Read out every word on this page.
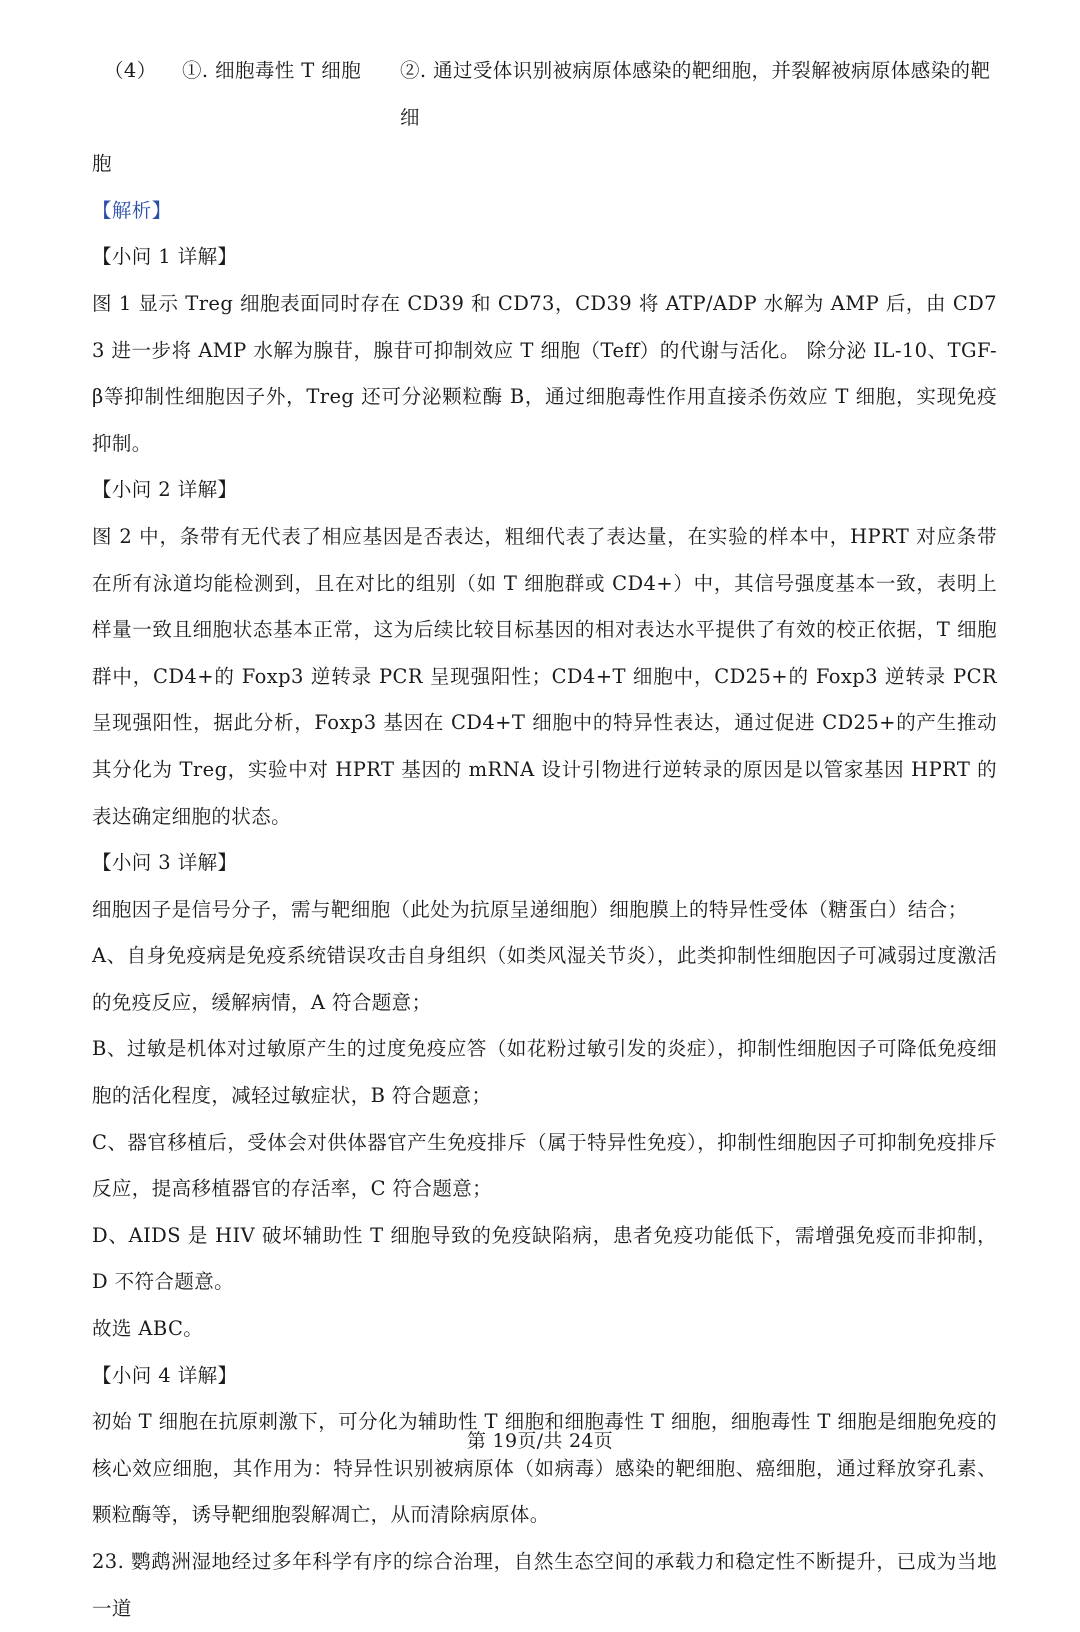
（4）	①. 细胞毒性 T 细胞	②. 通过受体识别被病原体感染的靶细胞，并裂解被病原体感染的靶细

胞

【解析】

【小问 1 详解】

图 1 显示 Treg 细胞表面同时存在 CD39 和 CD73，CD39 将 ATP/ADP 水解为 AMP 后，由 CD73 进一步将 AMP 水解为腺苷，腺苷可抑制效应 T 细胞（Teff）的代谢与活化。 除分泌 IL-10、TGF-β等抑制性细胞因子外，Treg 还可分泌颗粒酶 B，通过细胞毒性作用直接杀伤效应 T 细胞，实现免疫抑制。

【小问 2 详解】

图 2 中，条带有无代表了相应基因是否表达，粗细代表了表达量，在实验的样本中，HPRT 对应条带在所有泳道均能检测到，且在对比的组别（如 T 细胞群或 CD4+）中，其信号强度基本一致，表明上样量一致且细胞状态基本正常，这为后续比较目标基因的相对表达水平提供了有效的校正依据，T 细胞群中，CD4+的 Foxp3 逆转录 PCR 呈现强阳性；CD4+T 细胞中，CD25+的 Foxp3 逆转录 PCR 呈现强阳性，据此分析，Foxp3 基因在 CD4+T 细胞中的特异性表达，通过促进 CD25+的产生推动其分化为 Treg，实验中对 HPRT 基因的 mRNA 设计引物进行逆转录的原因是以管家基因 HPRT 的表达确定细胞的状态。

【小问 3 详解】

细胞因子是信号分子，需与靶细胞（此处为抗原呈递细胞）细胞膜上的特异性受体（糖蛋白）结合；

A、自身免疫病是免疫系统错误攻击自身组织（如类风湿关节炎），此类抑制性细胞因子可减弱过度激活的免疫反应，缓解病情，A 符合题意；

B、过敏是机体对过敏原产生的过度免疫应答（如花粉过敏引发的炎症），抑制性细胞因子可降低免疫细胞的活化程度，减轻过敏症状，B 符合题意；

C、器官移植后，受体会对供体器官产生免疫排斥（属于特异性免疫），抑制性细胞因子可抑制免疫排斥反应，提高移植器官的存活率，C 符合题意；

D、AIDS 是 HIV 破坏辅助性 T 细胞导致的免疫缺陷病，患者免疫功能低下，需增强免疫而非抑制，D 不符合题意。

故选 ABC。

【小问 4 详解】

初始 T 细胞在抗原刺激下，可分化为辅助性 T 细胞和细胞毒性 T 细胞，细胞毒性 T 细胞是细胞免疫的核心效应细胞，其作用为：特异性识别被病原体（如病毒）感染的靶细胞、癌细胞，通过释放穿孔素、颗粒酶等，诱导靶细胞裂解凋亡，从而清除病原体。

23. 鹦鹉洲湿地经过多年科学有序的综合治理，自然生态空间的承载力和稳定性不断提升，已成为当地一道

第 19页/共 24页
